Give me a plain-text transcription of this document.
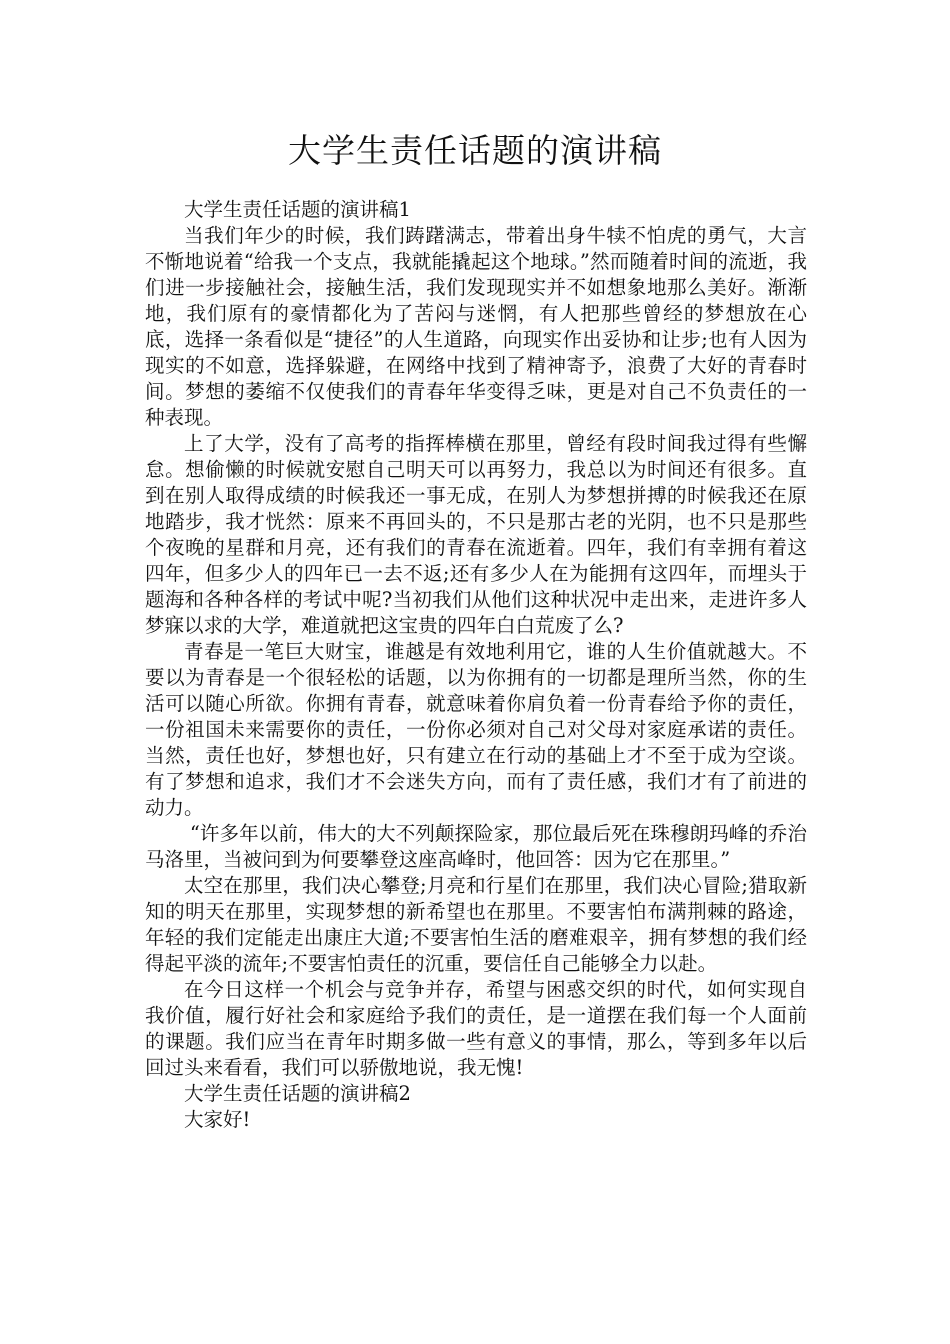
大学生责任话题的演讲稿

大学生责任话题的演讲稿1

当我们年少的时候，我们踌躇满志，带着出身牛犊不怕虎的勇气，大言不惭地说着“给我一个支点，我就能撬起这个地球。”然而随着时间的流逝，我们进一步接触社会，接触生活，我们发现现实并不如想象地那么美好。渐渐地，我们原有的豪情都化为了苦闷与迷惘，有人把那些曾经的梦想放在心底，选择一条看似是“捷径”的人生道路，向现实作出妥协和让步;也有人因为现实的不如意，选择躲避，在网络中找到了精神寄予，浪费了大好的青春时间。梦想的萎缩不仅使我们的青春年华变得乏味，更是对自己不负责任的一种表现。

上了大学，没有了高考的指挥棒横在那里，曾经有段时间我过得有些懈怠。想偷懒的时候就安慰自己明天可以再努力，我总以为时间还有很多。直到在别人取得成绩的时候我还一事无成，在别人为梦想拼搏的时候我还在原地踏步，我才恍然：原来不再回头的，不只是那古老的光阴，也不只是那些个夜晚的星群和月亮，还有我们的青春在流逝着。四年，我们有幸拥有着这四年，但多少人的四年已一去不返;还有多少人在为能拥有这四年，而埋头于题海和各种各样的考试中呢?当初我们从他们这种状况中走出来，走进许多人梦寐以求的大学，难道就把这宝贵的四年白白荒废了么?

青春是一笔巨大财宝，谁越是有效地利用它，谁的人生价值就越大。不要以为青春是一个很轻松的话题，以为你拥有的一切都是理所当然，你的生活可以随心所欲。你拥有青春，就意味着你肩负着一份青春给予你的责任，一份祖国未来需要你的责任，一份你必须对自己对父母对家庭承诺的责任。当然，责任也好，梦想也好，只有建立在行动的基础上才不至于成为空谈。有了梦想和追求，我们才不会迷失方向，而有了责任感，我们才有了前进的动力。

“许多年以前，伟大的大不列颠探险家，那位最后死在珠穆朗玛峰的乔治马洛里，当被问到为何要攀登这座高峰时，他回答：因为它在那里。”

太空在那里，我们决心攀登;月亮和行星们在那里，我们决心冒险;猎取新知的明天在那里，实现梦想的新希望也在那里。不要害怕布满荆棘的路途，年轻的我们定能走出康庄大道;不要害怕生活的磨难艰辛，拥有梦想的我们经得起平淡的流年;不要害怕责任的沉重，要信任自己能够全力以赴。

在今日这样一个机会与竞争并存，希望与困惑交织的时代，如何实现自我价值，履行好社会和家庭给予我们的责任，是一道摆在我们每一个人面前的课题。我们应当在青年时期多做一些有意义的事情，那么，等到多年以后回过头来看看，我们可以骄傲地说，我无愧!

大学生责任话题的演讲稿2

大家好!
